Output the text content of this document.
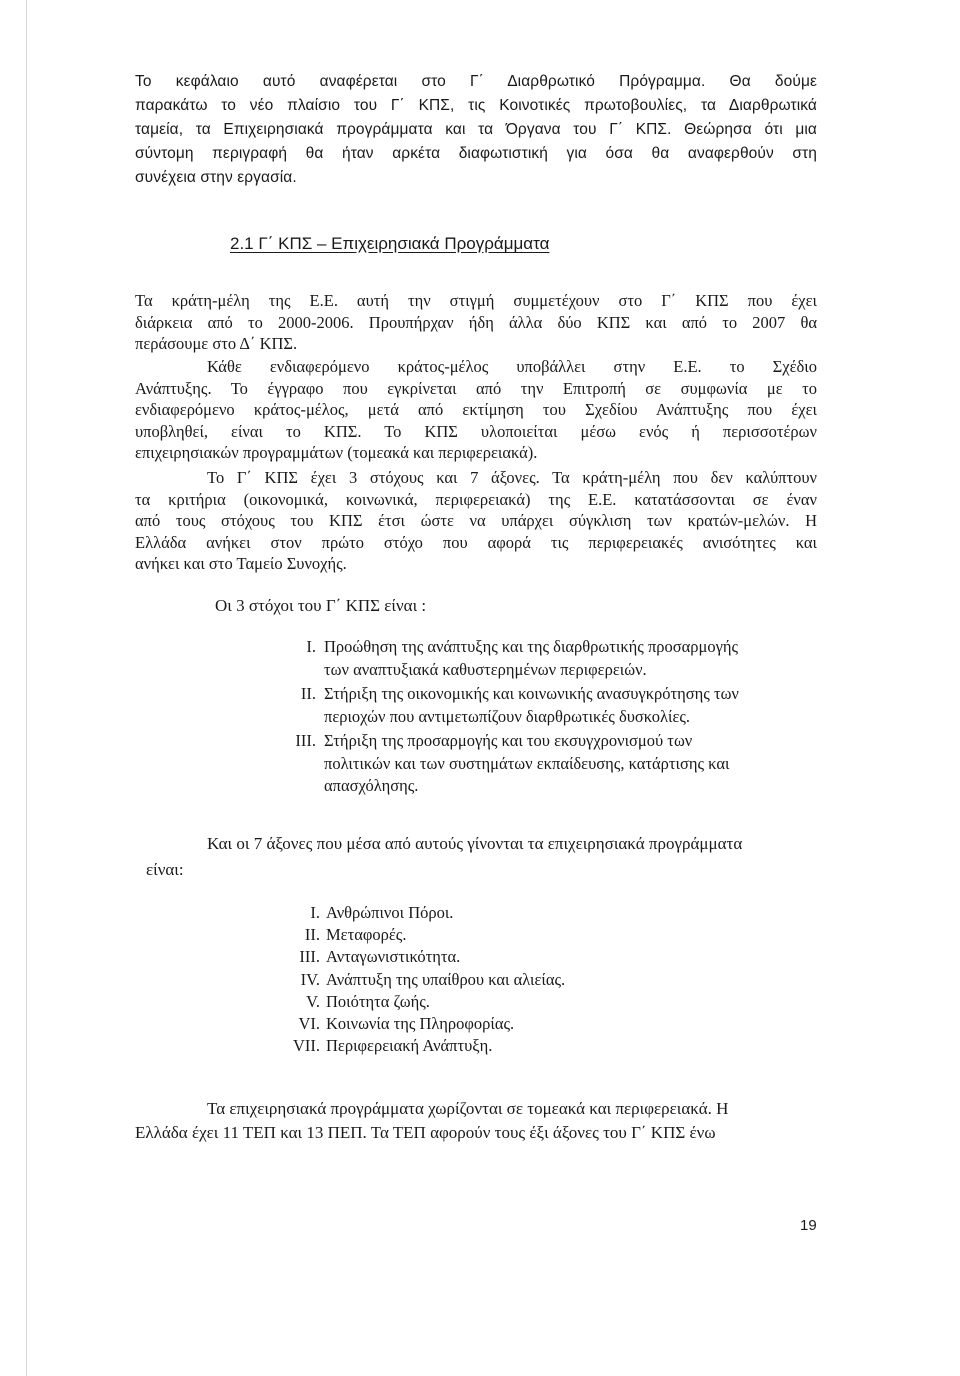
Το κεφάλαιο αυτό αναφέρεται στο Γ΄ Διαρθρωτικό Πρόγραμμα. Θα δούμε
παρακάτω το νέο πλαίσιο του Γ΄ ΚΠΣ, τις Κοινοτικές πρωτοβουλίες, τα Διαρθρωτικά
ταμεία, τα Επιχειρησιακά προγράμματα και τα Όργανα του Γ΄ ΚΠΣ. Θεώρησα ότι μια
σύντομη περιγραφή θα ήταν αρκέτα διαφωτιστική για όσα θα αναφερθούν στη
συνέχεια στην εργασία.
2.1 Γ΄ ΚΠΣ – Επιχειρησιακά Προγράμματα
Τα κράτη-μέλη της Ε.Ε. αυτή την στιγμή συμμετέχουν στο Γ΄ ΚΠΣ που έχει
διάρκεια από το 2000-2006. Προυπήρχαν ήδη άλλα δύο ΚΠΣ και από το 2007 θα
περάσουμε στο Δ΄ ΚΠΣ.
Κάθε ενδιαφερόμενο κράτος-μέλος υποβάλλει στην Ε.Ε. το Σχέδιο
Ανάπτυξης. Το έγγραφο που εγκρίνεται από την Επιτροπή σε συμφωνία με το
ενδιαφερόμενο κράτος-μέλος, μετά από εκτίμηση του Σχεδίου Ανάπτυξης που έχει
υποβληθεί, είναι το ΚΠΣ. Το ΚΠΣ υλοποιείται μέσω ενός ή περισσοτέρων
επιχειρησιακών προγραμμάτων (τομεακά και περιφερειακά).
Το Γ΄ ΚΠΣ έχει 3 στόχους και 7 άξονες. Τα κράτη-μέλη που δεν καλύπτουν
τα κριτήρια (οικονομικά, κοινωνικά, περιφερειακά) της Ε.Ε. κατατάσσονται σε έναν
από τους στόχους του ΚΠΣ έτσι ώστε να υπάρχει σύγκλιση των κρατών-μελών. Η
Ελλάδα ανήκει στον πρώτο στόχο που αφορά τις περιφερειακές ανισότητες και
ανήκει και στο Ταμείο Συνοχής.
Οι 3 στόχοι του Γ΄ ΚΠΣ είναι :
I. Προώθηση της ανάπτυξης και της διαρθρωτικής προσαρμογής
των αναπτυξιακά καθυστερημένων περιφερειών.
II. Στήριξη της οικονομικής και κοινωνικής ανασυγκρότησης των
περιοχών που αντιμετωπίζουν διαρθρωτικές δυσκολίες.
III. Στήριξη της προσαρμογής και του εκσυγχρονισμού των
πολιτικών και των συστημάτων εκπαίδευσης, κατάρτισης και
απασχόλησης.
Και οι 7 άξονες που μέσα από αυτούς γίνονται τα επιχειρησιακά προγράμματα
είναι:
I. Ανθρώπινοι Πόροι.
II. Μεταφορές.
III. Ανταγωνιστικότητα.
IV. Ανάπτυξη της υπαίθρου και αλιείας.
V. Ποιότητα ζωής.
VI. Κοινωνία της Πληροφορίας.
VII. Περιφερειακή Ανάπτυξη.
Τα επιχειρησιακά προγράμματα χωρίζονται σε τομεακά και περιφερειακά. Η
Ελλάδα έχει 11 ΤΕΠ και 13 ΠΕΠ. Τα ΤΕΠ αφορούν τους έξι άξονες του Γ΄ ΚΠΣ ένω
19
